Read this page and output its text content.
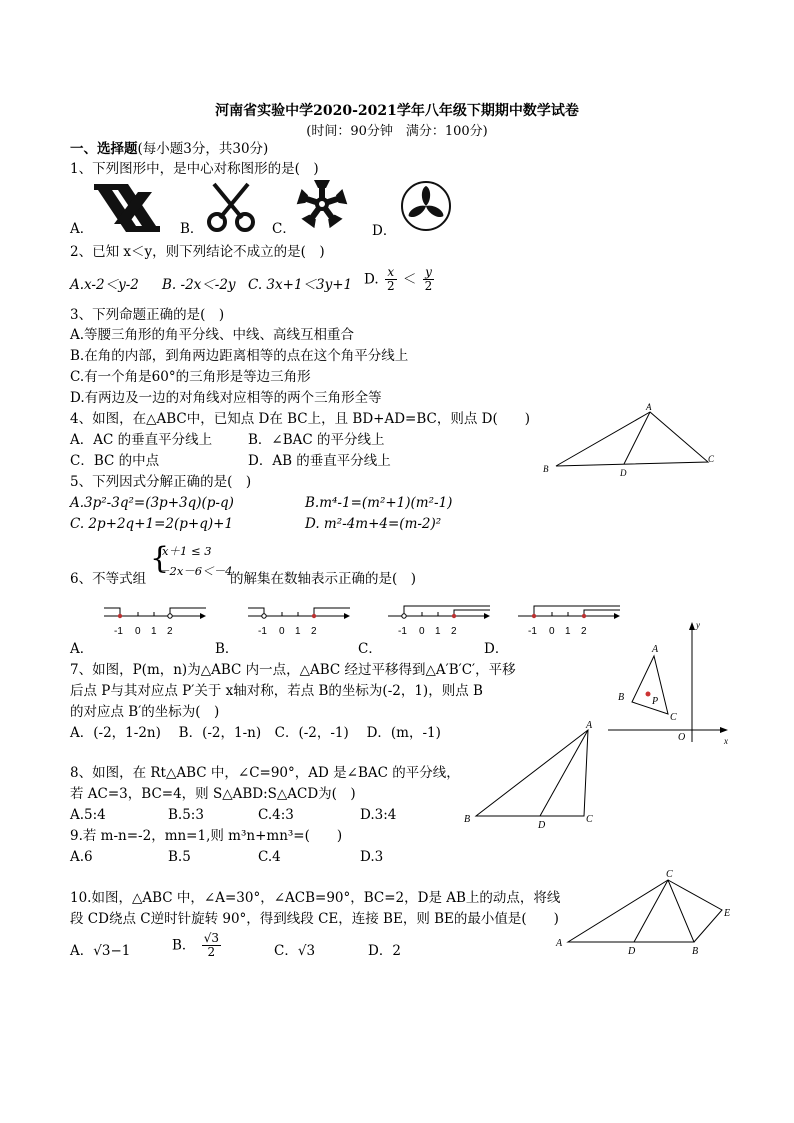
河南省实验中学2020-2021学年八年级下期期中数学试卷
(时间：90分钟　满分：100分)
一、选择题(每小题3分，共30分)
1、下列图形中，是中心对称图形的是(　)
A．	B．	C．	D．
2、已知 x＜y，则下列结论不成立的是(　)
A.x-2＜y-2 B. -2x＜-2y C. 3x+1＜3y+1 D. $\frac{x}{2} < \frac{y}{2}$
3、下列命题正确的是(　)
A.等腰三角形的角平分线、中线、高线互相重合
B.在角的内部，到角两边距离相等的点在这个角平分线上
C.有一个角是60°的三角形是等边三角形
D.有两边及一边的对角线对应相等的两个三角形全等
4、如图，在△ABC中，已知点 D在 BC上，且 BD+AD=BC，则点 D(　　)
A．AC 的垂直平分线上	B．∠BAC 的平分线上
C．BC 的中点	D．AB 的垂直平分线上
A
B	D
C
5、下列因式分解正确的是(　)
A.3p²-3q²=(3p+3q)(p-q)	B.m⁴-1=(m²+1)(m²-1)
C. 2p+2q+1=2(p+q)+1	D. m²-4m+4=(m-2)²
6、不等式组
{
x＋1 ≤ 3
－2x－6＜－4
的解集在数轴表示正确的是(　)
-1 0 1 2	-1 0 1 2	-1 0 1 2	-1 0 1 2
A．	B．	C．	D．
7、如图，P(m，n)为△ABC 内一点，△ABC 经过平移得到△A′B′C′，平移
后点 P与其对应点 P′关于 x轴对称，若点 B的坐标为(-2，1)，则点 B
的对应点 B′的坐标为(　)
A．(-2，1-2n)　 B．(-2，1-n)　C．(-2，-1)　 D．(m，-1)
y
A
B	P
C
O	x
8、如图，在 Rt△ABC 中，∠C=90°，AD 是∠BAC 的平分线，
若 AC=3，BC=4，则 S△ABD:S△ACD为(　)
A.5:4	B.5:3	C.4:3	D.3:4
A
B
D
C
9.若 m-n=-2，mn=1,则 m³n+mn³=(　　)
A.6	B.5	C.4	D.3
10.如图，△ABC 中，∠A=30°，∠ACB=90°，BC=2，D是 AB上的动点，将线
段 CD绕点 C逆时针旋转 90°，得到线段 CE，连接 BE，则 BE的最小值是(　　)
A．√3−1	B． $\frac{√3}{2}$	C．√3	D．2
C
E
A
D	B
